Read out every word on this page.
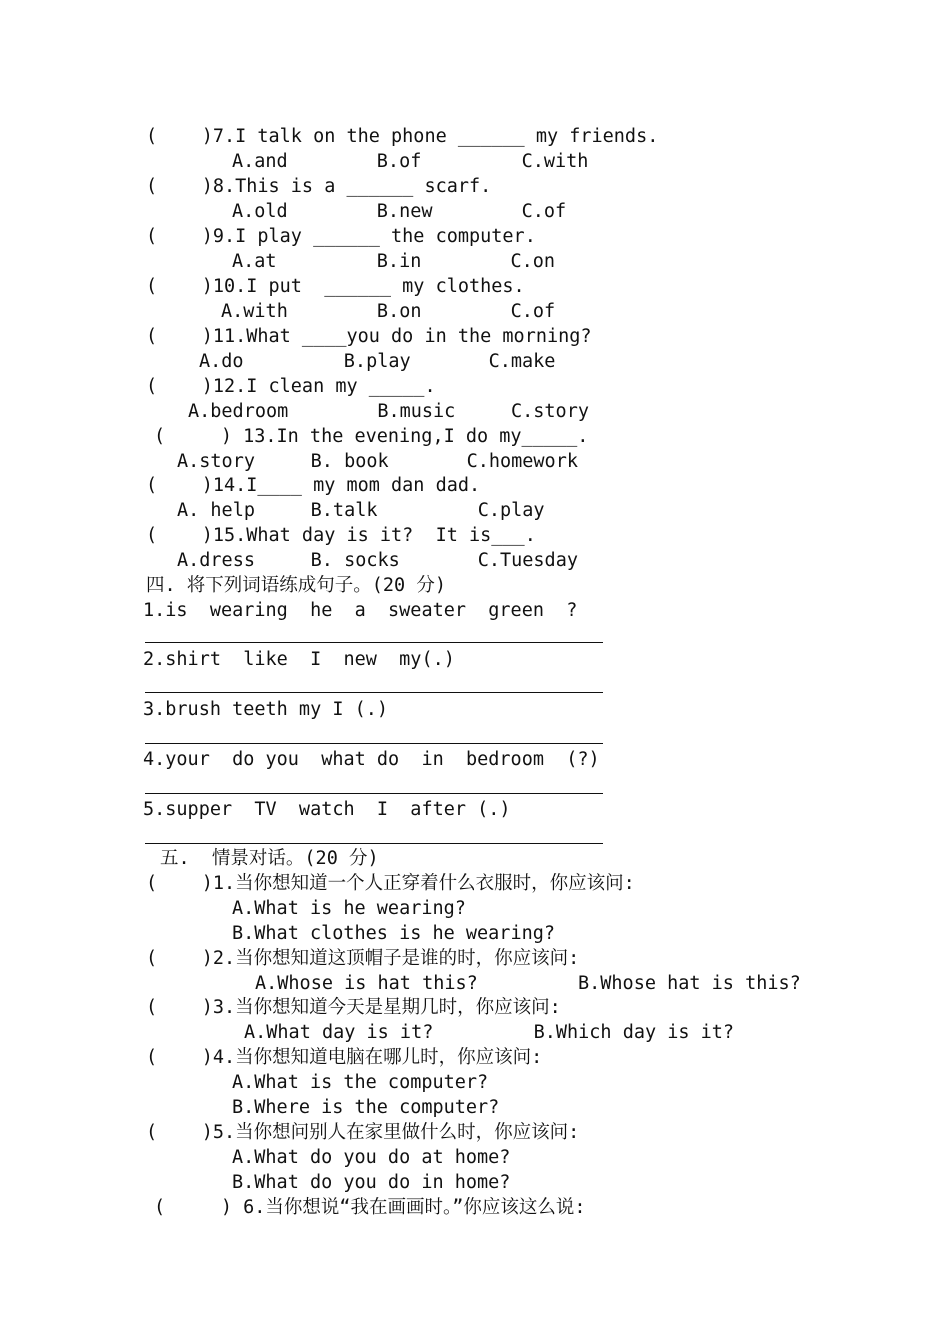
(    )7.I talk on the phone ______ my friends.
A.and        B.of         C.with
(    )8.This is a ______ scarf.
A.old        B.new        C.of
(    )9.I play ______ the computer.
A.at         B.in        C.on
(    )10.I put  ______ my clothes.
A.with        B.on        C.of
(    )11.What ____you do in the morning?
A.do         B.play       C.make
(    )12.I clean my _____.
A.bedroom        B.music     C.story
(     ) 13.In the evening,I do my_____.
A.story     B. book       C.homework
(    )14.I____ my mom dan dad.
A. help     B.talk         C.play
(    )15.What day is it?  It is___.
A.dress     B. socks       C.Tuesday
四. 将下列词语练成句子。(20 分)
1.is  wearing  he  a  sweater  green  ?
2.shirt  like  I  new  my(.)
3.brush teeth my I (.)
4.your  do you  what do  in  bedroom  (?)
5.supper  TV  watch  I  after (.)
五.  情景对话。(20 分)
(    )1.当你想知道一个人正穿着什么衣服时，你应该问:
A.What is he wearing?
B.What clothes is he wearing?
(    )2.当你想知道这顶帽子是谁的时，你应该问:
A.Whose is hat this?         B.Whose hat is this?
(    )3.当你想知道今天是星期几时，你应该问:
A.What day is it?         B.Which day is it?
(    )4.当你想知道电脑在哪儿时，你应该问:
A.What is the computer?
B.Where is the computer?
(    )5.当你想问别人在家里做什么时，你应该问:
A.What do you do at home?
B.What do you do in home?
(     ) 6.当你想说“我在画画时。”你应该这么说:
